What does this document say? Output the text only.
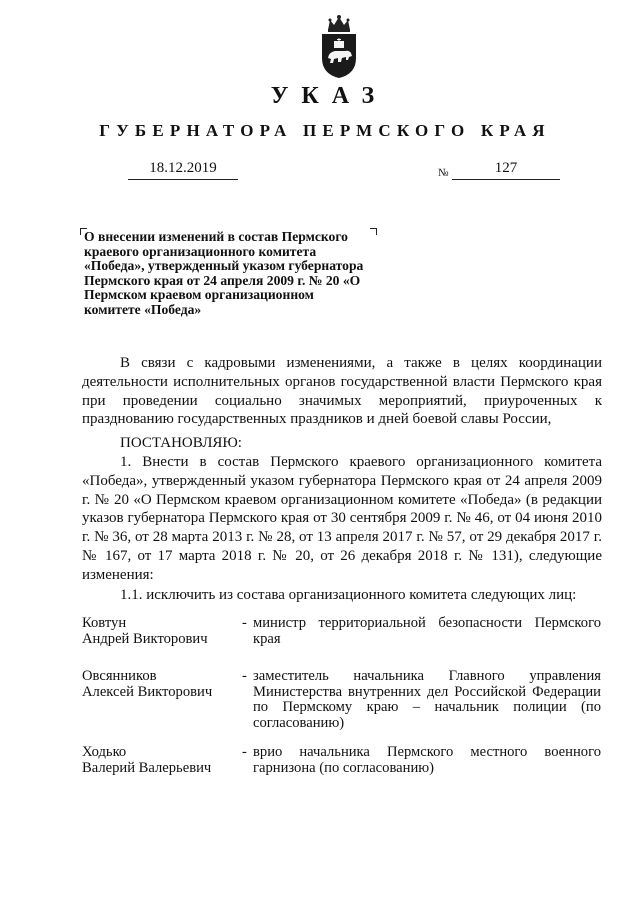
УКАЗ
ГУБЕРНАТОРА ПЕРМСКОГО КРАЯ
18.12.2019	№	127
О внесении изменений в состав Пермского краевого организационного комитета «Победа», утвержденный указом губернатора Пермского края от 24 апреля 2009 г. № 20 «О Пермском краевом организационном комитете «Победа»
В связи с кадровыми изменениями, а также в целях координации деятельности исполнительных органов государственной власти Пермского края при проведении социально значимых мероприятий, приуроченных к празднованию государственных праздников и дней боевой славы России,
ПОСТАНОВЛЯЮ:
1. Внести в состав Пермского краевого организационного комитета «Победа», утвержденный указом губернатора Пермского края от 24 апреля 2009 г. № 20 «О Пермском краевом организационном комитете «Победа» (в редакции указов губернатора Пермского края от 30 сентября 2009 г. № 46, от 04 июня 2010 г. № 36, от 28 марта 2013 г. № 28, от 13 апреля 2017 г. № 57, от 29 декабря 2017 г. № 167, от 17 марта 2018 г. № 20, от 26 декабря 2018 г. № 131), следующие изменения:
1.1. исключить из состава организационного комитета следующих лиц:
Ковтун
Андрей Викторович
- министр территориальной безопасности Пермского края
Овсянников
Алексей Викторович
- заместитель начальника Главного управления Министерства внутренних дел Российской Федерации по Пермскому краю – начальник полиции (по согласованию)
Ходько
Валерий Валерьевич
- врио начальника Пермского местного военного гарнизона (по согласованию)
